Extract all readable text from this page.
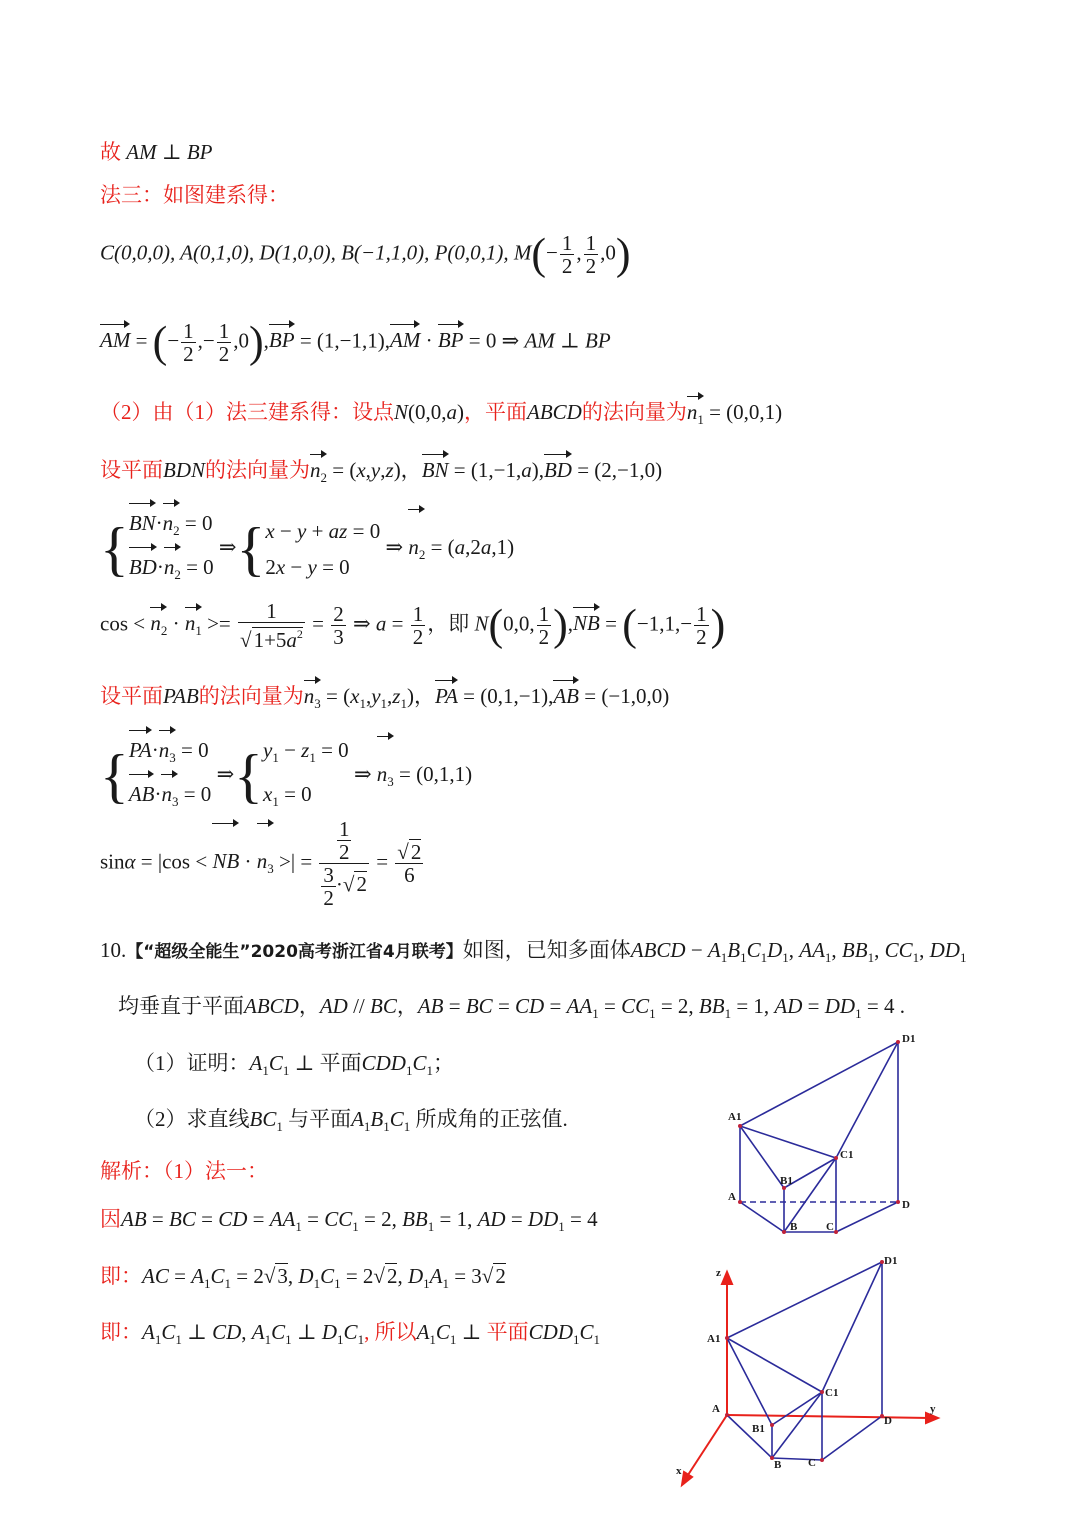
故 AM ⊥ BP
法三：如图建系得：
C(0,0,0), A(0,1,0), D(1,0,0), B(−1,1,0), P(0,0,1), $M(- \frac{1}{2}$ , $\frac{1}{2} ,0$)
AM = (− $\frac{1}{2}$ ,− $\frac{1}{2} ,0),BP = (1,-1,1),AM$ · BP = 0 ⇒ AM ⊥ BP
（2）由（1）法三建系得：设点N(0,0,a)，平面ABCD的法向量为$n_1 = (0,0,1)$
设平面BDN的法向量为$n_2 = (x,y,z)$，BN = (1,−1,a),BD = (2,−1,0)
{ $BN\cdot n_2 = 0$
$BD\cdot n_2 = 0$
⇒{ x − y + az = 0
2x − y = 0
⇒ $n_2 = (a,2a,1)$
$\cos < n_2 \cdot n_1 >= \frac{1}{√1+5a^2} = \frac{2}{3}$ ⇒ $a = \frac{1}{2}$ ，即 N(0,0, $\frac{1}{2} ),NB = (-1,1,- \frac{1}{2}$ )
设平面PAB的法向量为$n_3 = (x_1,y_1,z_1)$，PA = (0,1,−1),AB = (−1,0,0)
{ $PA\cdot n_3 = 0$
$AB\cdot n_3 = 0$
⇒{ $y_1 - z_1 = 0$
$x_1 = 0$
⇒ $n_3 = (0,1,1)$
sinα = |cos < NB · $n_3$ >| = $\frac{\frac{1}{2}}{\frac{3}{2} \cdot√2} = \frac{√2}{6}$
10.【“超级全能生”2020高考浙江省4月联考】如图，已知多面体ABCD − $A_1B_1C_1D_1$, $AA_1$, $BB_1$, $CC_1$, $DD_1$
均垂直于平面ABCD，AD // BC，AB = BC = CD = $AA_1 = CC_1 = 2$, $BB_1 = 1$, AD = $DD_1 = 4$ .
（1）证明：$A_1C_1$ ⊥ 平面$CDD_1C_1$；
（2）求直线$BC_1$ 与平面$A_1B_1C_1$ 所成角的正弦值.
解析：（1）法一：
因AB = BC = CD = $AA_1 = CC_1 = 2$, $BB_1 = 1$, AD = $DD_1 = 4$
即：AC = $A_1C_1 = 2√3$, $D_1C_1 = 2√2$, $D_1A_1 = 3√2$
即：$A_1C_1$ ⊥ CD, $A_1C_1$ ⊥ $D_1C_1$, 所以$A_1C_1$ ⊥ 平面$CDD_1C_1$
D1
A1
C1
B1
A
D
B	C
z
D1
A1
C1
A	y
B1
D
B C
x
